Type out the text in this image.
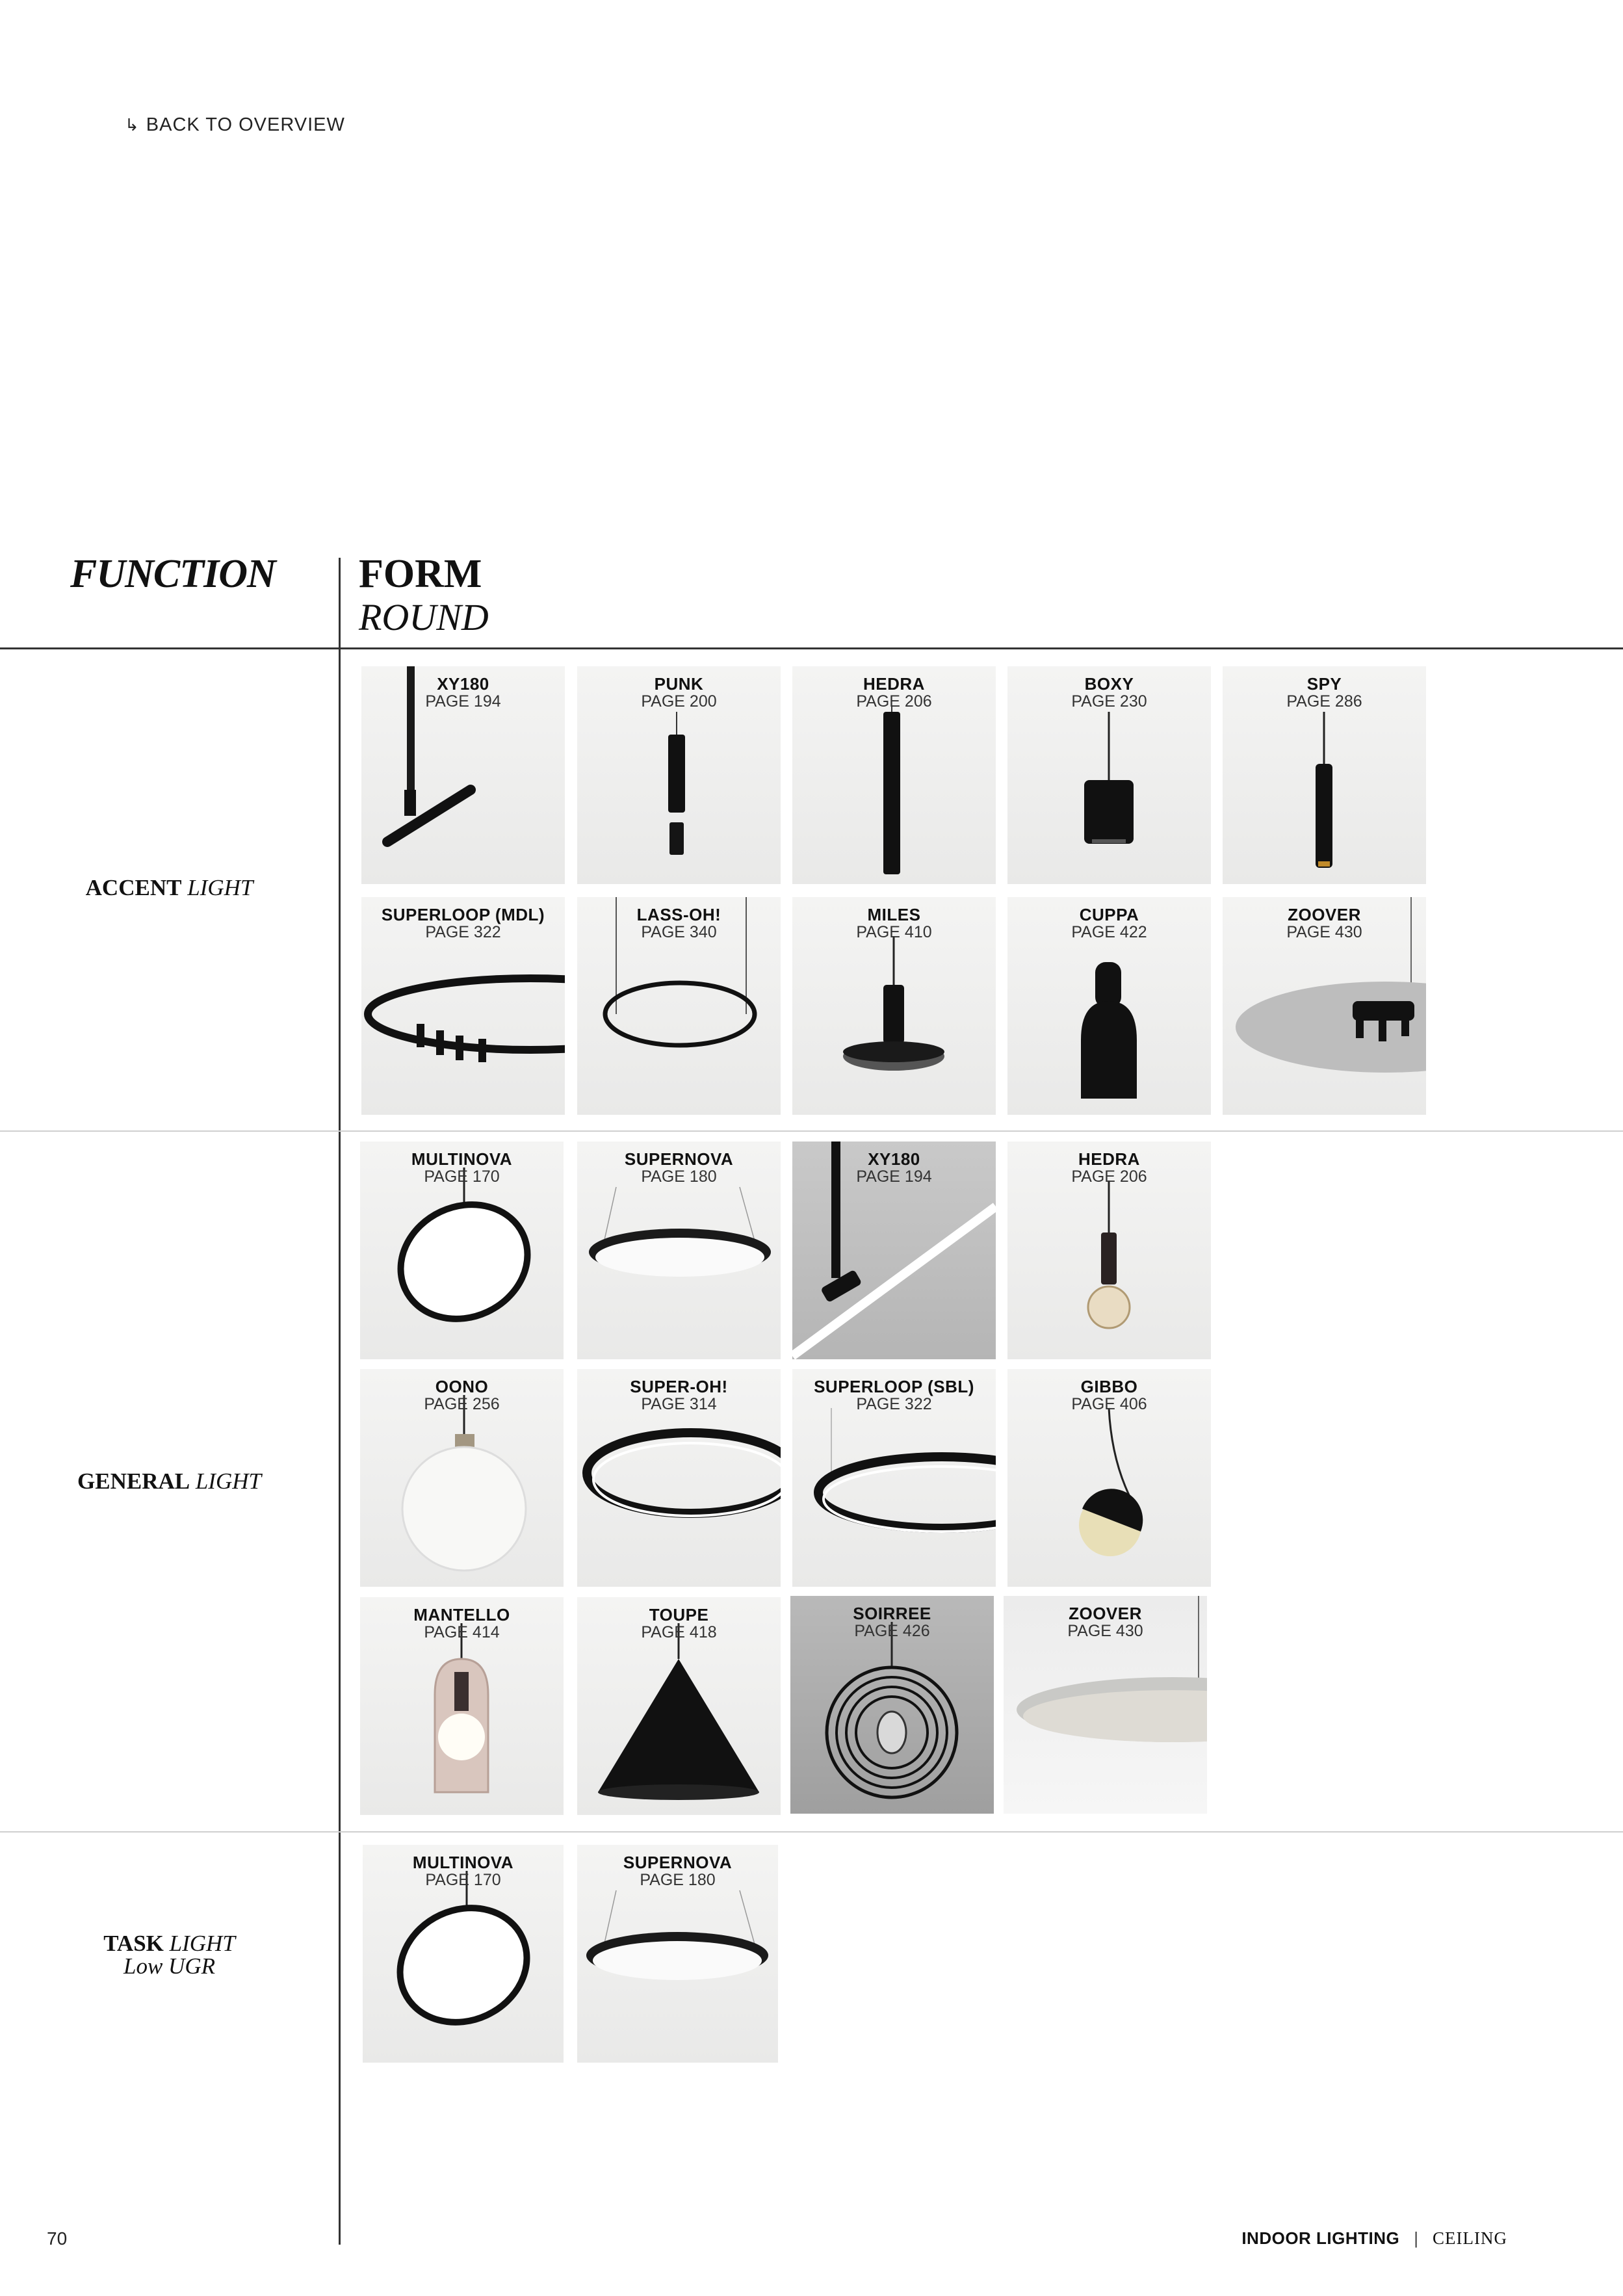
↳ BACK TO OVERVIEW
FUNCTION FORM
ROUND
ACCENT LIGHT
GENERAL LIGHT
TASK LIGHT
Low UGR
XY180
PAGE 194
PUNK
PAGE 200
HEDRA
PAGE 206
BOXY
PAGE 230
SPY
PAGE 286
SUPERLOOP (MDL)
PAGE 322
LASS-OH!
PAGE 340
MILES
PAGE 410
CUPPA
PAGE 422
ZOOVER
PAGE 430
MULTINOVA
PAGE 170
SUPERNOVA
PAGE 180
XY180
PAGE 194
HEDRA
PAGE 206
OONO
PAGE 256
SUPER-OH!
PAGE 314
SUPERLOOP (SBL)
PAGE 322
GIBBO
PAGE 406
MANTELLO
PAGE 414
TOUPE
PAGE 418
SOIRREE
PAGE 426
ZOOVER
PAGE 430
MULTINOVA
PAGE 170
SUPERNOVA
PAGE 180
70	INDOOR LIGHTING | CEILING
